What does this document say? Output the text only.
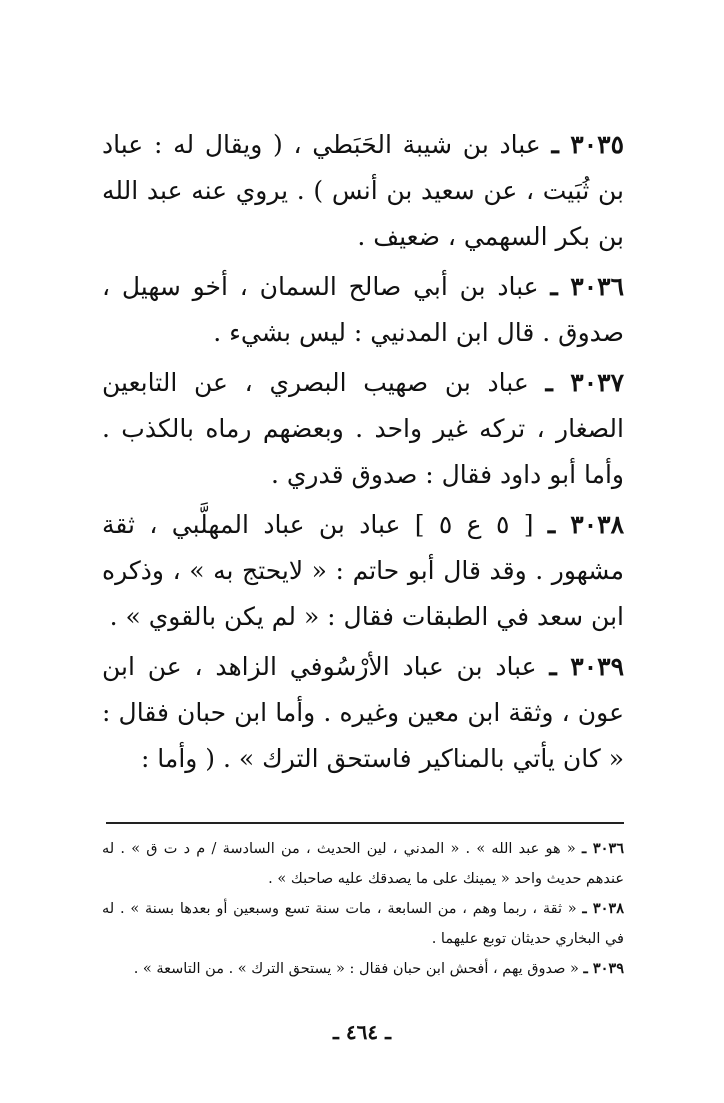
٣٠٣٥ ـ عباد بن شيبة الحَبَطي ، ( ويقال له : عباد بن ثُبَيت ، عن سعيد بن أنس ) . يروي عنه عبد الله بن بكر السهمي ، ضعيف .

٣٠٣٦ ـ عباد بن أبي صالح السمان ، أخو سهيل ، صدوق . قال ابن المدنيي : ليس بشيء .

٣٠٣٧ ـ عباد بن صهيب البصري ، عن التابعين الصغار ، تركه غير واحد . وبعضهم رماه بالكذب . وأما أبو داود فقال : صدوق قدري .

٣٠٣٨ ـ [ ٥ ع ٥ ] عباد بن عباد المهلَّبي ، ثقة مشهور . وقد قال أبو حاتم : « لايحتج به » ، وذكره ابن سعد في الطبقات فقال : « لم يكن بالقوي » .

٣٠٣٩ ـ عباد بن عباد الأرْسُوفي الزاهد ، عن ابن عون ، وثقة ابن معين وغيره . وأما ابن حبان فقال : « كان يأتي بالمناكير فاستحق الترك » . ( وأما :

٣٠٣٦ ـ « هو عبد الله » . « المدني ، لين الحديث ، من السادسة / م د ت ق » . له عندهم حديث واحد « يمينك على ما يصدقك عليه صاحبك » .

٣٠٣٨ ـ « ثقة ، ربما وهم ، من السابعة ، مات سنة تسع وسبعين أو بعدها بسنة » . له في البخاري حديثان توبع عليهما .

٣٠٣٩ ـ « صدوق يهم ، أفحش ابن حبان فقال : « يستحق الترك » . من التاسعة » .

ـ ٤٦٤ ـ
